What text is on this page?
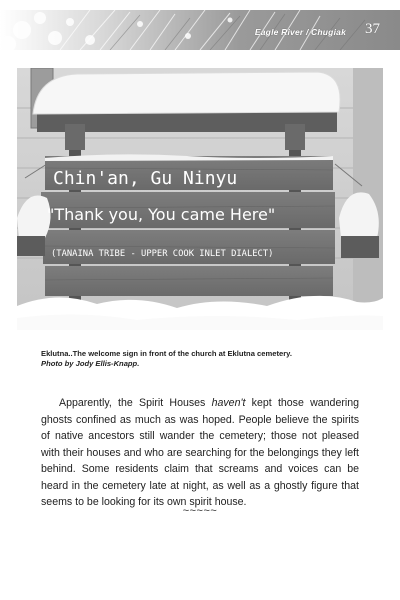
Eagle River / Chugiak 37
Chin'an, Gu Ninyu
"Thank you, You came Here"
(TANAINA TRIBE - UPPER COOK INLET DIALECT)
Eklutna..The welcome sign in front of the church at Eklutna cemetery.
Photo by Jody Ellis-Knapp.

Apparently, the Spirit Houses haven't kept those wandering ghosts confined as much as was hoped. People believe the spirits of native ancestors still wander the cemetery; those not pleased with their houses and who are searching for the belongings they left behind. Some residents claim that screams and voices can be heard in the cemetery late at night, as well as a ghostly figure that seems to be looking for its own spirit house.

~~~~~
